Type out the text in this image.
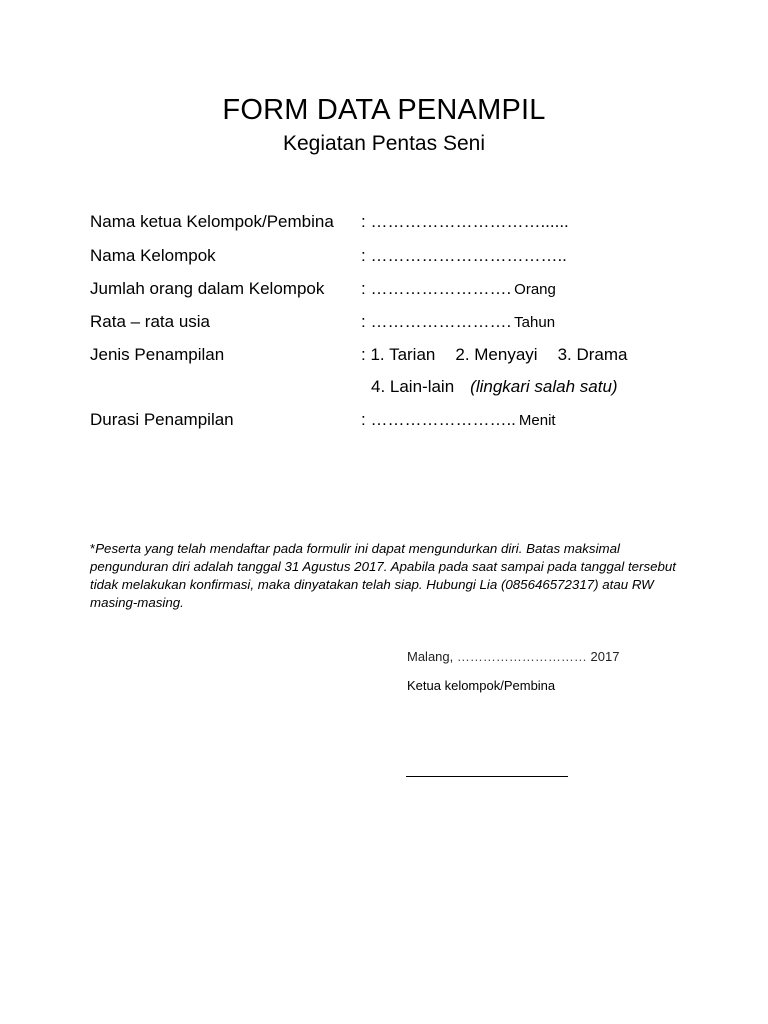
FORM DATA PENAMPIL
Kegiatan Pentas Seni
Nama ketua Kelompok/Pembina : …………………………......
Nama Kelompok	: ……………………………..
Jumlah orang dalam Kelompok : ……………………. Orang
Rata – rata usia	: ……………………. Tahun
Jenis Penampilan	: 1. Tarian 2. Menyayi 3. Drama
4. Lain-lain (lingkari salah satu)
Durasi Penampilan	: …………………….. Menit
*Peserta yang telah mendaftar pada formulir ini dapat mengundurkan diri. Batas maksimal pengunduran diri adalah tanggal 31 Agustus 2017. Apabila pada saat sampai pada tanggal tersebut tidak melakukan konfirmasi, maka dinyatakan telah siap. Hubungi Lia (085646572317) atau RW masing-masing.
Malang, ………………………… 2017
Ketua kelompok/Pembina
